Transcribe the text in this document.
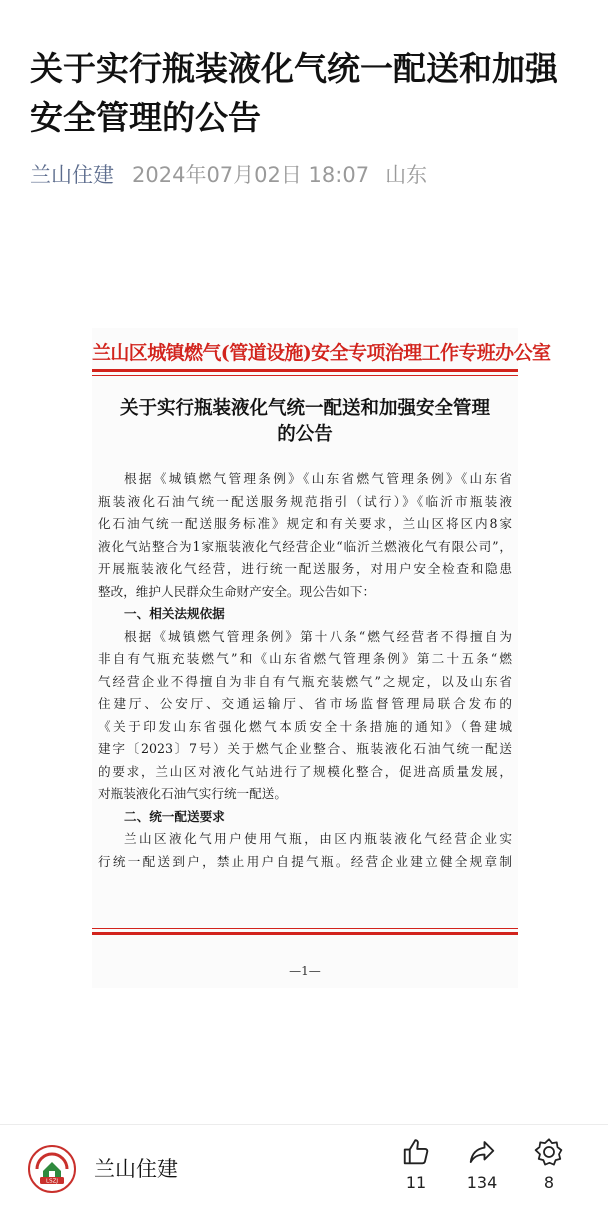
关于实行瓶装液化气统一配送和加强安全管理的公告
兰山住建 2024年07月02日 18:07 山东
兰山区城镇燃气(管道设施)安全专项治理工作专班办公室
关于实行瓶装液化气统一配送和加强安全管理
的公告
根据《城镇燃气管理条例》《山东省燃气管理条例》《山东省
瓶装液化石油气统一配送服务规范指引（试行）》《临沂市瓶装液
化石油气统一配送服务标准》规定和有关要求，兰山区将区内8家
液化气站整合为1家瓶装液化气经营企业“临沂兰燃液化气有限公司”，
开展瓶装液化气经营，进行统一配送服务，对用户安全检查和隐患
整改，维护人民群众生命财产安全。现公告如下：
一、相关法规依据
根据《城镇燃气管理条例》第十八条“燃气经营者不得擅自为
非自有气瓶充装燃气”和《山东省燃气管理条例》第二十五条“燃
气经营企业不得擅自为非自有气瓶充装燃气”之规定，以及山东省
住建厅、公安厅、交通运输厅、省市场监督管理局联合发布的
《关于印发山东省强化燃气本质安全十条措施的通知》（鲁建城
建字〔2023〕7号）关于燃气企业整合、瓶装液化石油气统一配送
的要求，兰山区对液化气站进行了规模化整合，促进高质量发展，
对瓶装液化石油气实行统一配送。
二、统一配送要求
兰山区液化气用户使用气瓶，由区内瓶装液化气经营企业实
行统一配送到户，禁止用户自提气瓶。经营企业建立健全规章制
—1—
LSZJ
兰山住建
11	134	8
